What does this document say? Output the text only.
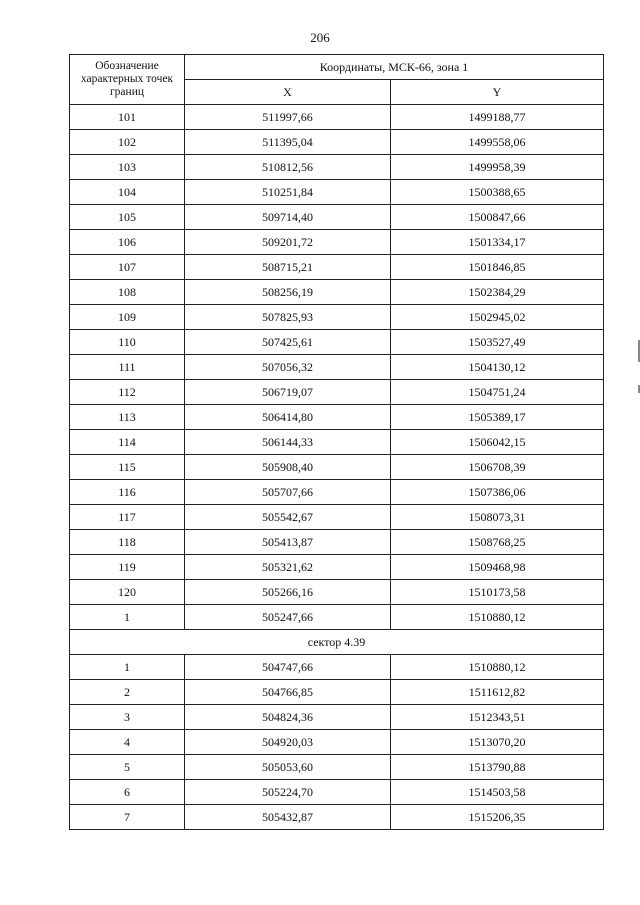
206
Обозначение характерных точек границ	Координаты, МСК-66, зона 1	
	X	Y
101	511997,66	1499188,77
102	511395,04	1499558,06
103	510812,56	1499958,39
104	510251,84	1500388,65
105	509714,40	1500847,66
106	509201,72	1501334,17
107	508715,21	1501846,85
108	508256,19	1502384,29
109	507825,93	1502945,02
110	507425,61	1503527,49
111	507056,32	1504130,12
112	506719,07	1504751,24
113	506414,80	1505389,17
114	506144,33	1506042,15
115	505908,40	1506708,39
116	505707,66	1507386,06
117	505542,67	1508073,31
118	505413,87	1508768,25
119	505321,62	1509468,98
120	505266,16	1510173,58
1	505247,66	1510880,12
сектор 4.39		
1	504747,66	1510880,12
2	504766,85	1511612,82
3	504824,36	1512343,51
4	504920,03	1513070,20
5	505053,60	1513790,88
6	505224,70	1514503,58
7	505432,87	1515206,35
